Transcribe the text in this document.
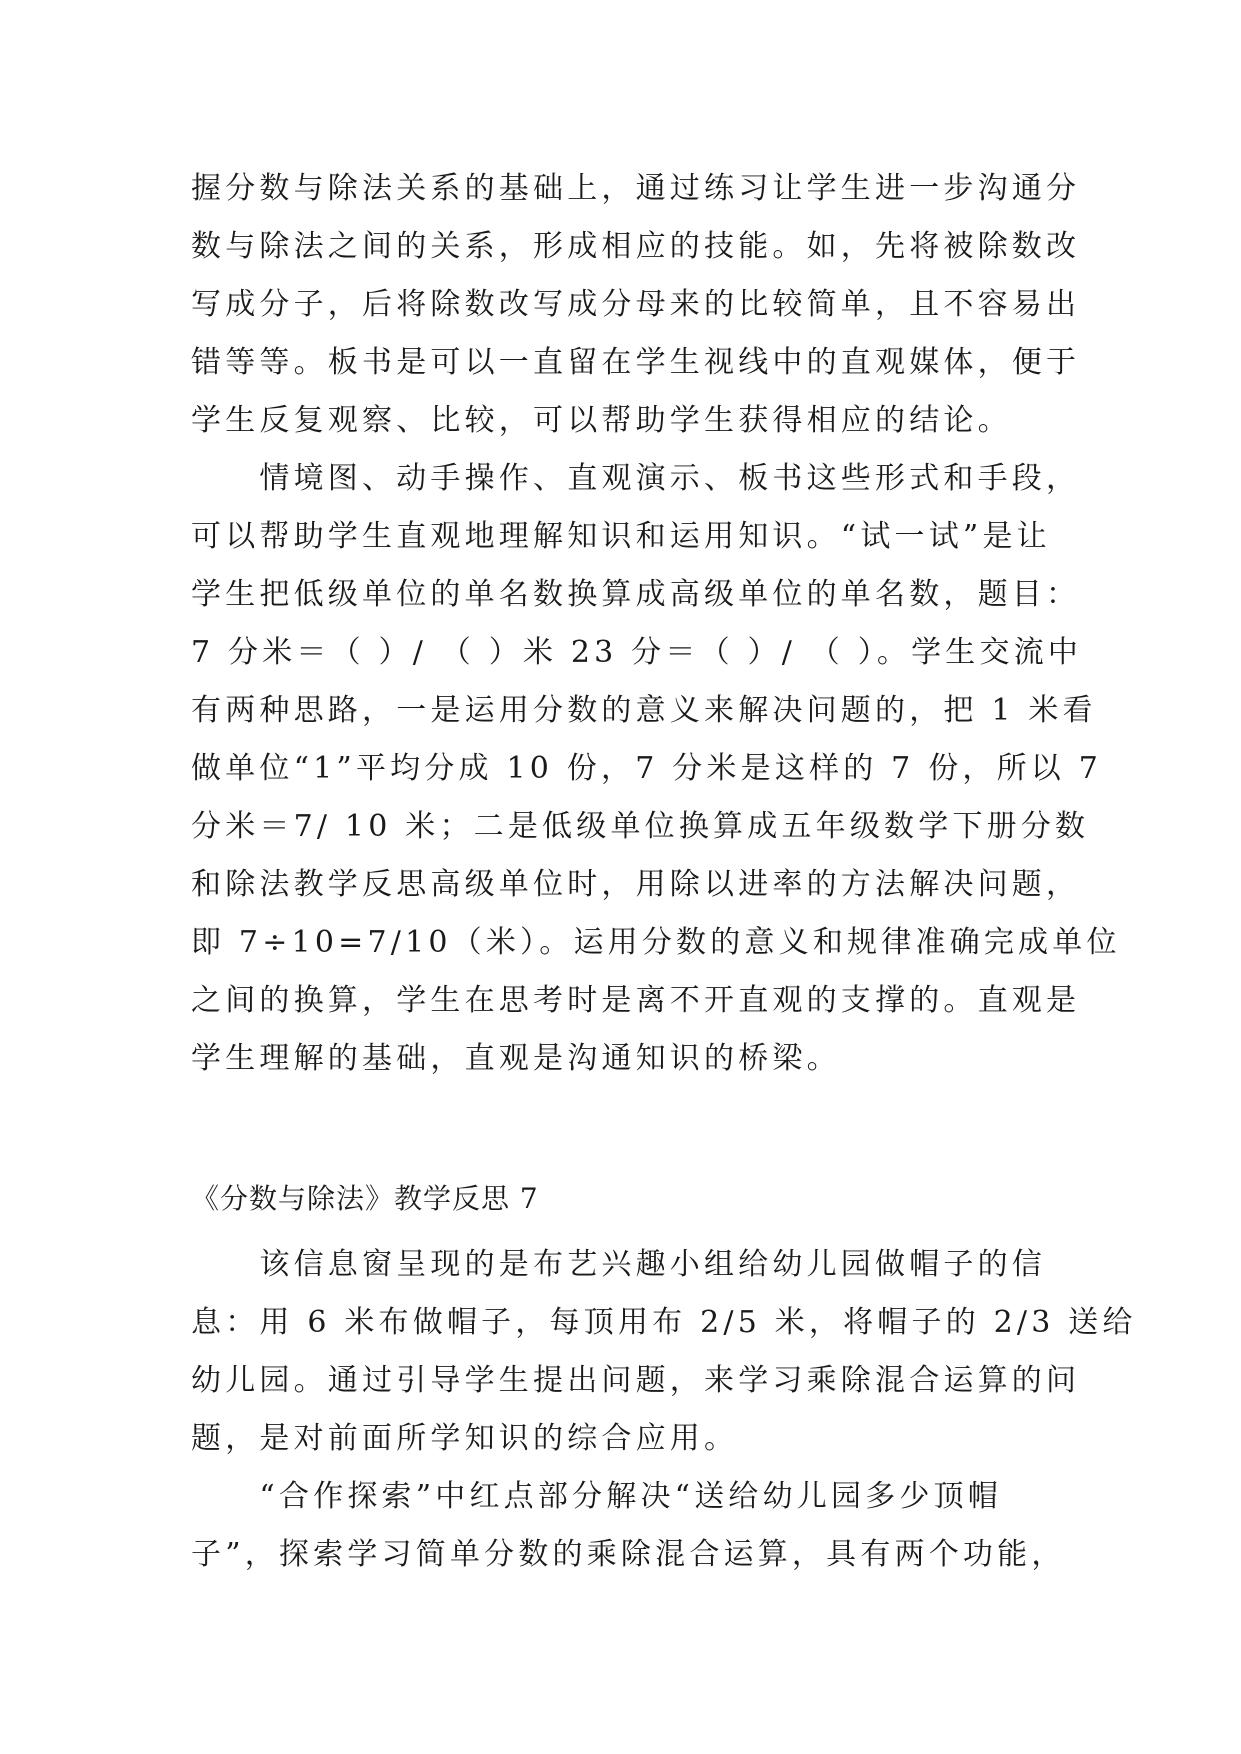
握分数与除法关系的基础上，通过练习让学生进一步沟通分
数与除法之间的关系，形成相应的技能。如，先将被除数改
写成分子，后将除数改写成分母来的比较简单，且不容易出
错等等。板书是可以一直留在学生视线中的直观媒体，便于
学生反复观察、比较，可以帮助学生获得相应的结论。
　　情境图、动手操作、直观演示、板书这些形式和手段，
可以帮助学生直观地理解知识和运用知识。“试一试”是让
学生把低级单位的单名数换算成高级单位的单名数，题目：
7 分米＝（ ）/ （ ）米 23 分＝（ ）/ （ ）。学生交流中
有两种思路，一是运用分数的意义来解决问题的，把 1 米看
做单位“1”平均分成 10 份，7 分米是这样的 7 份，所以 7
分米＝7/ 10 米；二是低级单位换算成五年级数学下册分数
和除法教学反思高级单位时，用除以进率的方法解决问题，
即 7÷10=7/10（米）。运用分数的意义和规律准确完成单位
之间的换算，学生在思考时是离不开直观的支撑的。直观是
学生理解的基础，直观是沟通知识的桥梁。
《分数与除法》教学反思 7
　　该信息窗呈现的是布艺兴趣小组给幼儿园做帽子的信
息：用 6 米布做帽子，每顶用布 2/5 米，将帽子的 2/3 送给
幼儿园。通过引导学生提出问题，来学习乘除混合运算的问
题，是对前面所学知识的综合应用。
　　“合作探索”中红点部分解决“送给幼儿园多少顶帽
子”，探索学习简单分数的乘除混合运算，具有两个功能，
